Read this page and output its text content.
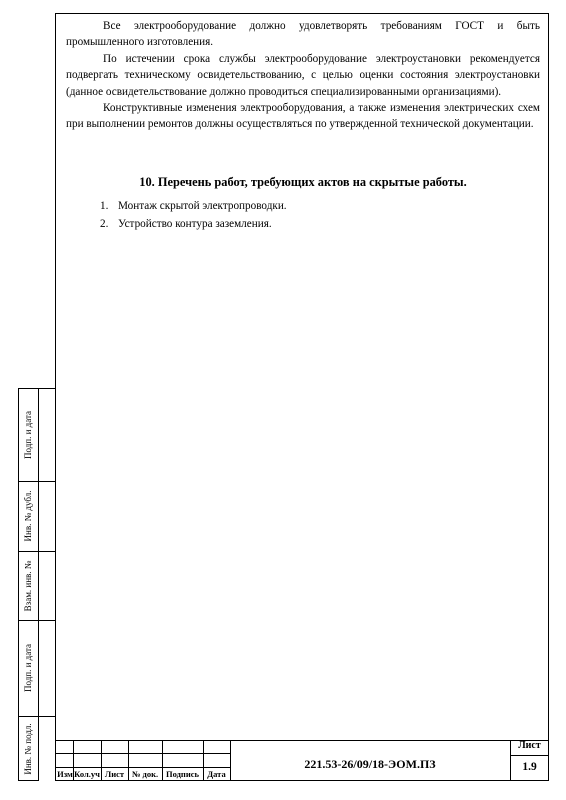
Все электрооборудование должно удовлетворять требованиям ГОСТ и быть промышленного изготовления.

По истечении срока службы электрооборудование электроустановки рекомендуется подвергать техническому освидетельствованию, с целью оценки состояния электроустановки (данное освидетельствование должно проводиться специализированными организациями).

Конструктивные изменения электрооборудования, а также изменения электрических схем при выполнении ремонтов должны осуществляться по утвержденной технической документации.

10. Перечень работ, требующих актов на скрытые работы.
1. Монтаж скрытой электропроводки.
2. Устройство контура заземления.
Подп. и дата
Инв. № дубл.
Взам. инв. №
Подп. и дата
Инв. № подл.	Изм Кол.уч Лист № док. Подпись Дата
221.53-26/09/18-ЭОМ.ПЗ
Лист
1.9
